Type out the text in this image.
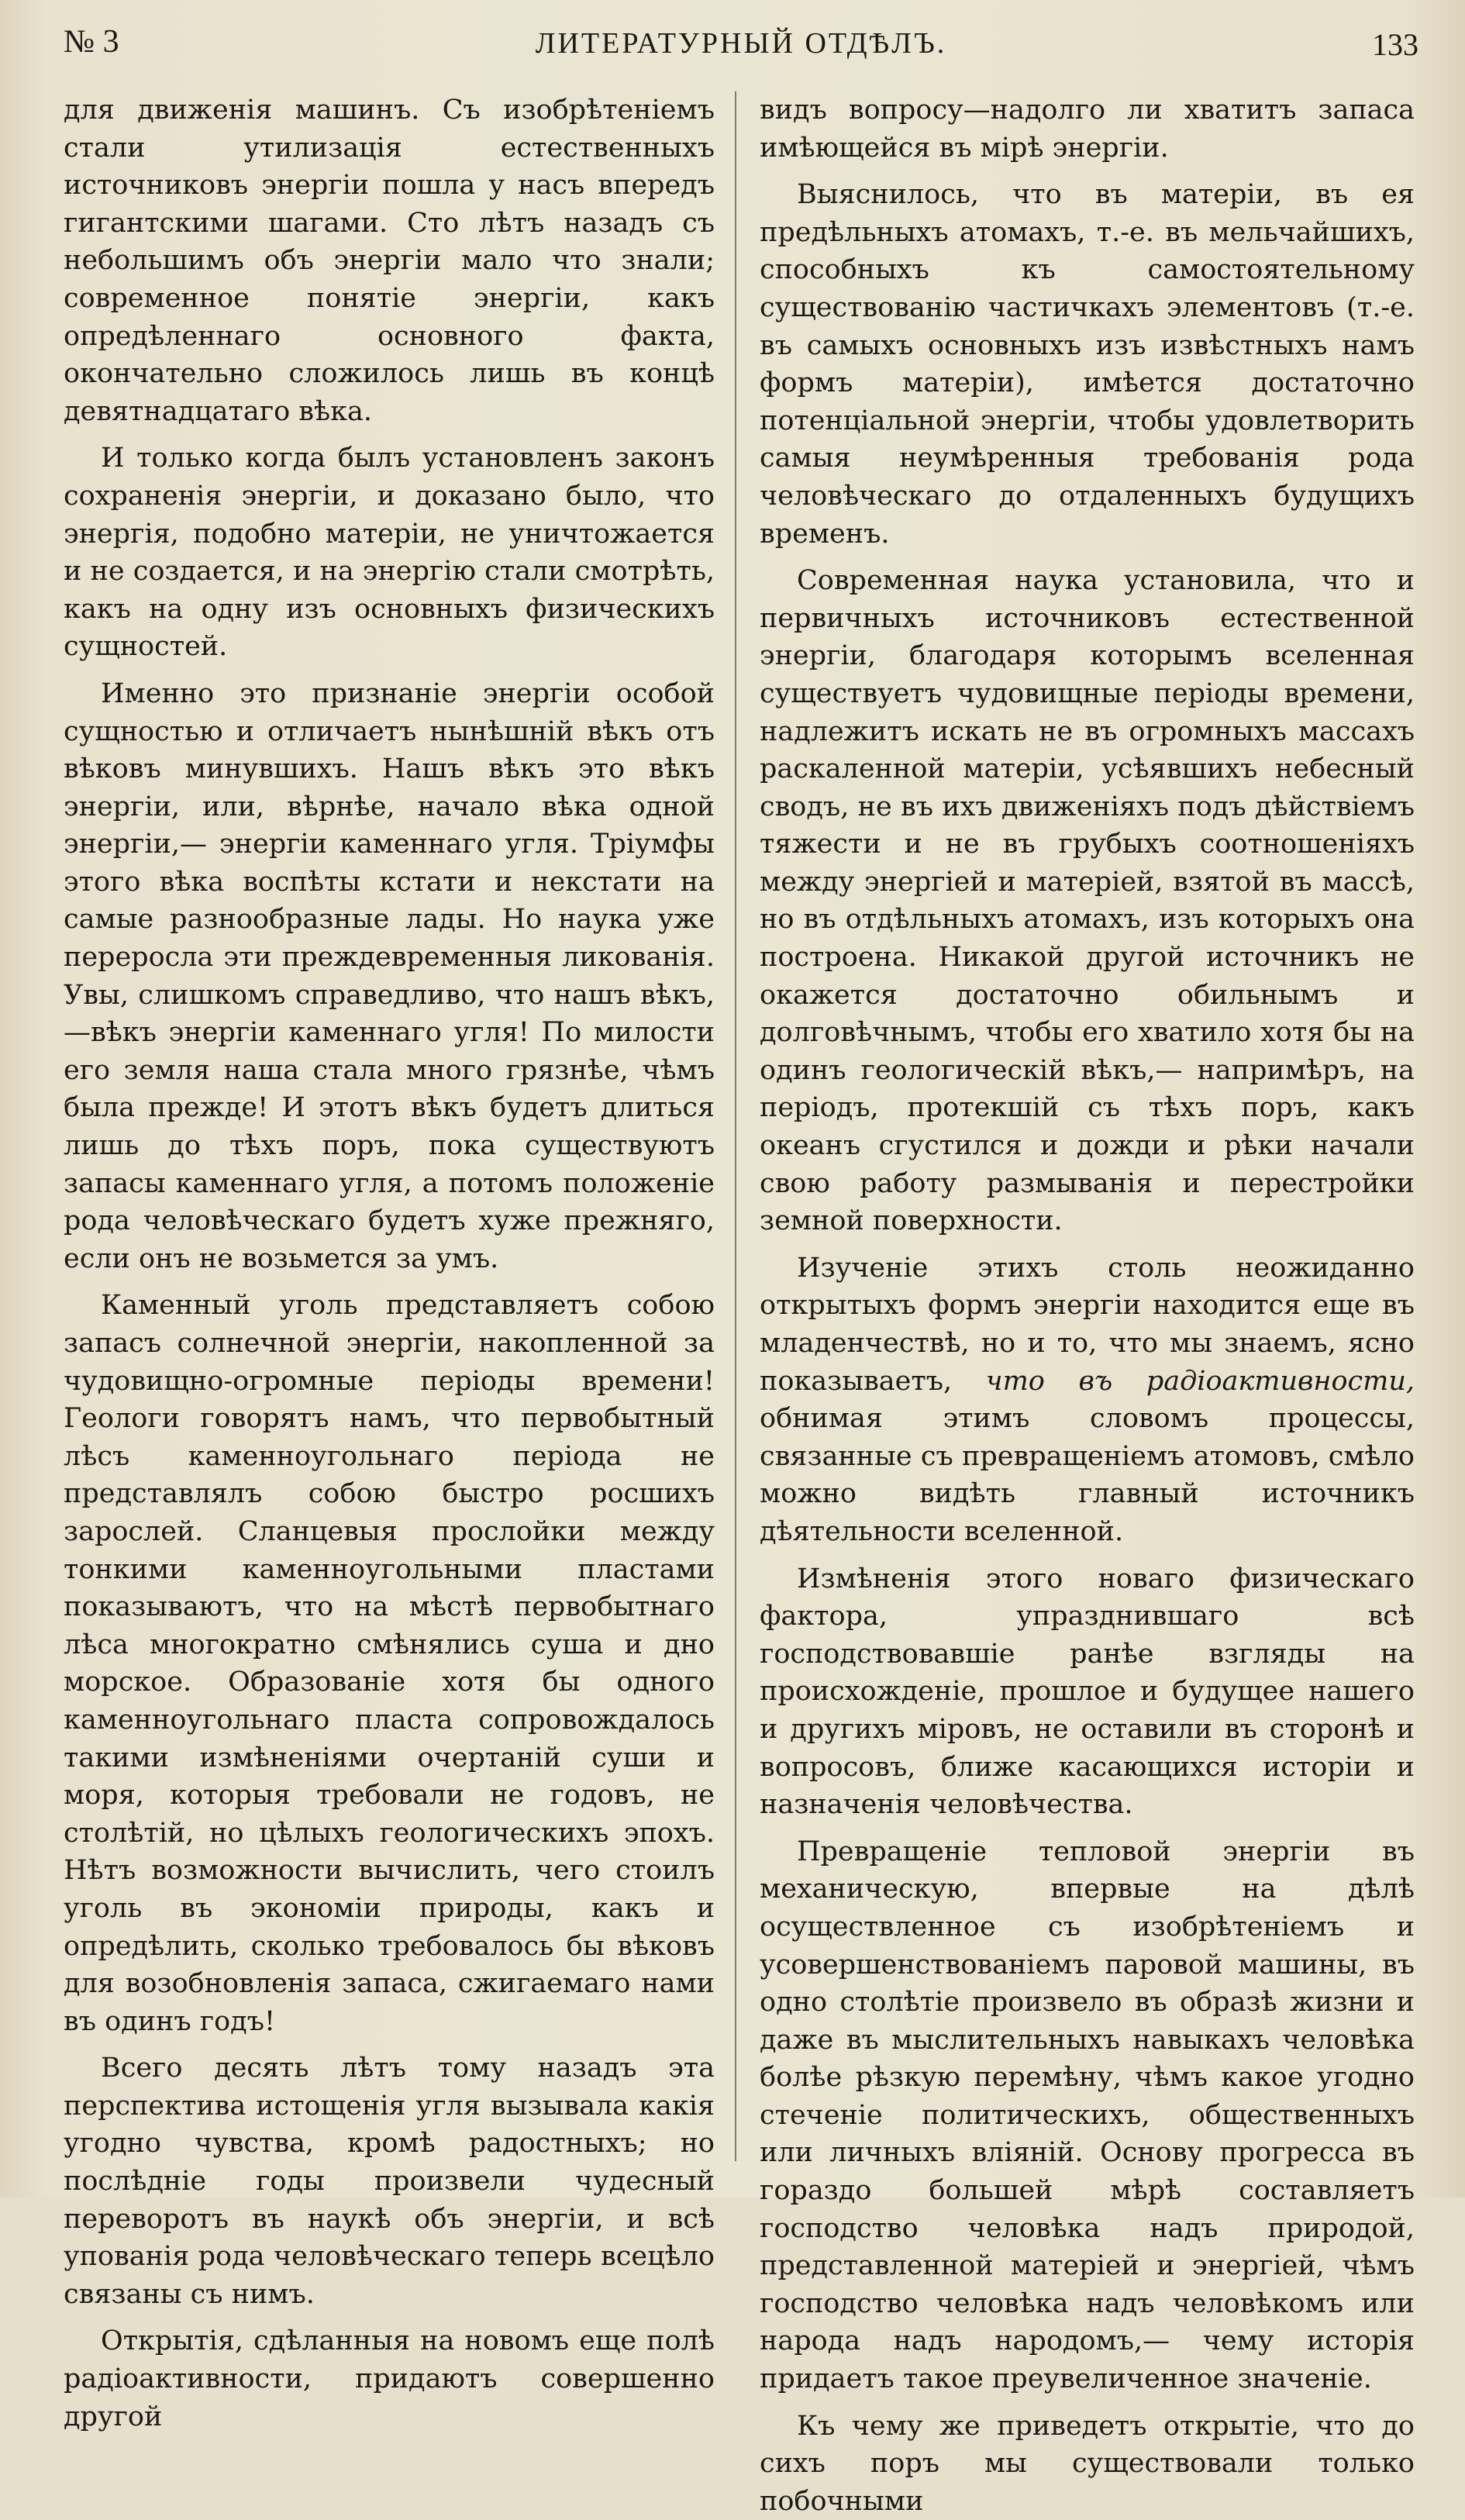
№ 3	ЛИТЕРАТУРНЫЙ ОТДѢЛЪ.	133

для движенія машинъ. Съ изобрѣтеніемъ стали утилизація естественныхъ источниковъ энергіи пошла у насъ впередъ гигантскими шагами. Сто лѣтъ назадъ съ небольшимъ объ энергіи мало что знали; современное понятіе энергіи, какъ опредѣленнаго основного факта, окончательно сложилось лишь въ концѣ девятнадцатаго вѣка.

И только когда былъ установленъ законъ сохраненія энергіи, и доказано было, что энергія, подобно матеріи, не уничтожается и не создается, и на энергію стали смотрѣть, какъ на одну изъ основныхъ физическихъ сущностей.

Именно это признаніе энергіи особой сущностью и отличаетъ нынѣшній вѣкъ отъ вѣковъ минувшихъ. Нашъ вѣкъ это вѣкъ энергіи, или, вѣрнѣе, начало вѣка одной энергіи,— энергіи каменнаго угля. Тріумфы этого вѣка воспѣты кстати и некстати на самые разнообразные лады. Но наука уже переросла эти преждевременныя ликованія. Увы, слишкомъ справедливо, что нашъ вѣкъ,—вѣкъ энергіи каменнаго угля! По милости его земля наша стала много грязнѣе, чѣмъ была прежде! И этотъ вѣкъ будетъ длиться лишь до тѣхъ поръ, пока существуютъ запасы каменнаго угля, а потомъ положеніе рода человѣческаго будетъ хуже прежняго, если онъ не возьмется за умъ.

Каменный уголь представляетъ собою запасъ солнечной энергіи, накопленной за чудовищно-огромные періоды времени! Геологи говорятъ намъ, что первобытный лѣсъ каменноугольнаго періода не представлялъ собою быстро росшихъ зарослей. Сланцевыя прослойки между тонкими каменноугольными пластами показываютъ, что на мѣстѣ первобытнаго лѣса многократно смѣнялись суша и дно морское. Образованіе хотя бы одного каменноугольнаго пласта сопровождалось такими измѣненіями очертаній суши и моря, которыя требовали не годовъ, не столѣтій, но цѣлыхъ геологическихъ эпохъ. Нѣтъ возможности вычислить, чего стоилъ уголь въ экономіи природы, какъ и опредѣлить, сколько требовалось бы вѣковъ для возобновленія запаса, сжигаемаго нами въ одинъ годъ!

Всего десять лѣтъ тому назадъ эта перспектива истощенія угля вызывала какія угодно чувства, кромѣ радостныхъ; но послѣдніе годы произвели чудесный переворотъ въ наукѣ объ энергіи, и всѣ упованія рода человѣческаго теперь всецѣло связаны съ нимъ.

Открытія, сдѣланныя на новомъ еще полѣ радіоактивности, придаютъ совершенно другой

видъ вопросу—надолго ли хватитъ запаса имѣющейся въ мірѣ энергіи.

Выяснилось, что въ матеріи, въ ея предѣльныхъ атомахъ, т.-е. въ мельчайшихъ, способныхъ къ самостоятельному существованію частичкахъ элементовъ (т.-е. въ самыхъ основныхъ изъ извѣстныхъ намъ формъ матеріи), имѣется достаточно потенціальной энергіи, чтобы удовлетворить самыя неумѣренныя требованія рода человѣческаго до отдаленныхъ будущихъ временъ.

Современная наука установила, что и первичныхъ источниковъ естественной энергіи, благодаря которымъ вселенная существуетъ чудовищные періоды времени, надлежитъ искать не въ огромныхъ массахъ раскаленной матеріи, усѣявшихъ небесный сводъ, не въ ихъ движеніяхъ подъ дѣйствіемъ тяжести и не въ грубыхъ соотношеніяхъ между энергіей и матеріей, взятой въ массѣ, но въ отдѣльныхъ атомахъ, изъ которыхъ она построена. Никакой другой источникъ не окажется достаточно обильнымъ и долговѣчнымъ, чтобы его хватило хотя бы на одинъ геологическій вѣкъ,— напримѣръ, на періодъ, протекшій съ тѣхъ поръ, какъ океанъ сгустился и дожди и рѣки начали свою работу размыванія и перестройки земной поверхности.

Изученіе этихъ столь неожиданно открытыхъ формъ энергіи находится еще въ младенчествѣ, но и то, что мы знаемъ, ясно показываетъ, что въ радіоактивности, обнимая этимъ словомъ процессы, связанные съ превращеніемъ атомовъ, смѣло можно видѣть главный источникъ дѣятельности вселенной.

Измѣненія этого новаго физическаго фактора, упразднившаго всѣ господствовавшіе ранѣе взгляды на происхожденіе, прошлое и будущее нашего и другихъ міровъ, не оставили въ сторонѣ и вопросовъ, ближе касающихся исторіи и назначенія человѣчества.

Превращеніе тепловой энергіи въ механическую, впервые на дѣлѣ осуществленное съ изобрѣтеніемъ и усовершенствованіемъ паровой машины, въ одно столѣтіе произвело въ образѣ жизни и даже въ мыслительныхъ навыкахъ человѣка болѣе рѣзкую перемѣну, чѣмъ какое угодно стеченіе политическихъ, общественныхъ или личныхъ вліяній. Основу прогресса въ гораздо большей мѣрѣ составляетъ господство человѣка надъ природой, представленной матеріей и энергіей, чѣмъ господство человѣка надъ человѣкомъ или народа надъ народомъ,— чему исторія придаетъ такое преувеличенное значеніе.

Къ чему же приведетъ открытіе, что до сихъ поръ мы существовали только побочными
